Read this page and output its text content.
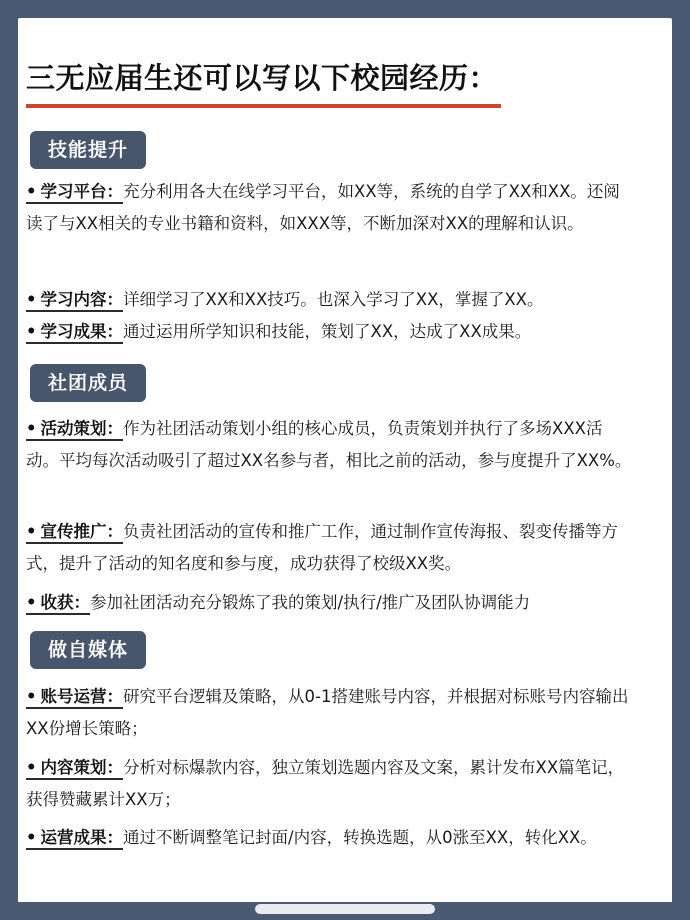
三无应届生还可以写以下校园经历：
技能提升
• 学习平台：充分利用各大在线学习平台，如XX等，系统的自学了XX和XX。还阅读了与XX相关的专业书籍和资料，如XXX等，不断加深对XX的理解和认识。
• 学习内容：详细学习了XX和XX技巧。也深入学习了XX，掌握了XX。
• 学习成果：通过运用所学知识和技能，策划了XX，达成了XX成果。
社团成员
• 活动策划：作为社团活动策划小组的核心成员，负责策划并执行了多场XXX活动。平均每次活动吸引了超过XX名参与者，相比之前的活动，参与度提升了XX%。
• 宣传推广：负责社团活动的宣传和推广工作，通过制作宣传海报、裂变传播等方式，提升了活动的知名度和参与度，成功获得了校级XX奖。
• 收获：参加社团活动充分锻炼了我的策划/执行/推广及团队协调能力
做自媒体
• 账号运营：研究平台逻辑及策略，从0-1搭建账号内容，并根据对标账号内容输出XX份增长策略；
• 内容策划：分析对标爆款内容，独立策划选题内容及文案，累计发布XX篇笔记，获得赞藏累计XX万；
• 运营成果：通过不断调整笔记封面/内容，转换选题，从0涨至XX，转化XX。
